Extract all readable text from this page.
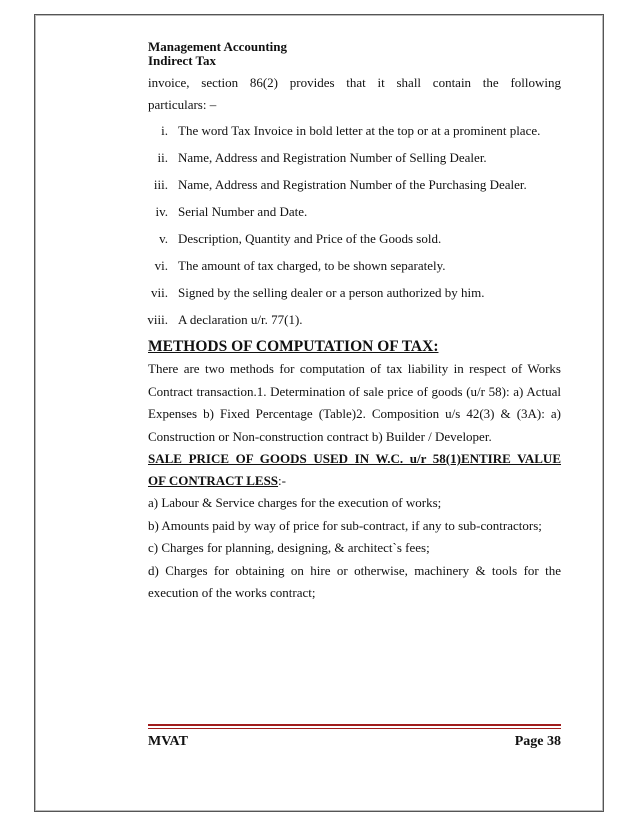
Management Accounting
Indirect Tax

invoice, section 86(2) provides that it shall contain the following

particulars: –

i. The word Tax Invoice in bold letter at the top or at a prominent place.
ii. Name, Address and Registration Number of Selling Dealer.
iii. Name, Address and Registration Number of the Purchasing Dealer.
iv. Serial Number and Date.
v. Description, Quantity and Price of the Goods sold.
vi. The amount of tax charged, to be shown separately.
vii. Signed by the selling dealer or a person authorized by him.
viii. A declaration u/r. 77(1).
METHODS OF COMPUTATION OF TAX:

There are two methods for computation of tax liability in respect of Works Contract transaction.1. Determination of sale price of goods (u/r 58): a) Actual Expenses b) Fixed Percentage (Table)2. Composition u/s 42(3) & (3A): a) Construction or Non-construction contract b) Builder / Developer.

SALE PRICE OF GOODS USED IN W.C. u/r 58(1)ENTIRE VALUE

OF CONTRACT LESS:-

a) Labour & Service charges for the execution of works;

b) Amounts paid by way of price for sub-contract, if any to sub-contractors;

c) Charges for planning, designing, & architect`s fees;

d) Charges for obtaining on hire or otherwise, machinery & tools for the execution of the works contract;

MVAT	Page 38
